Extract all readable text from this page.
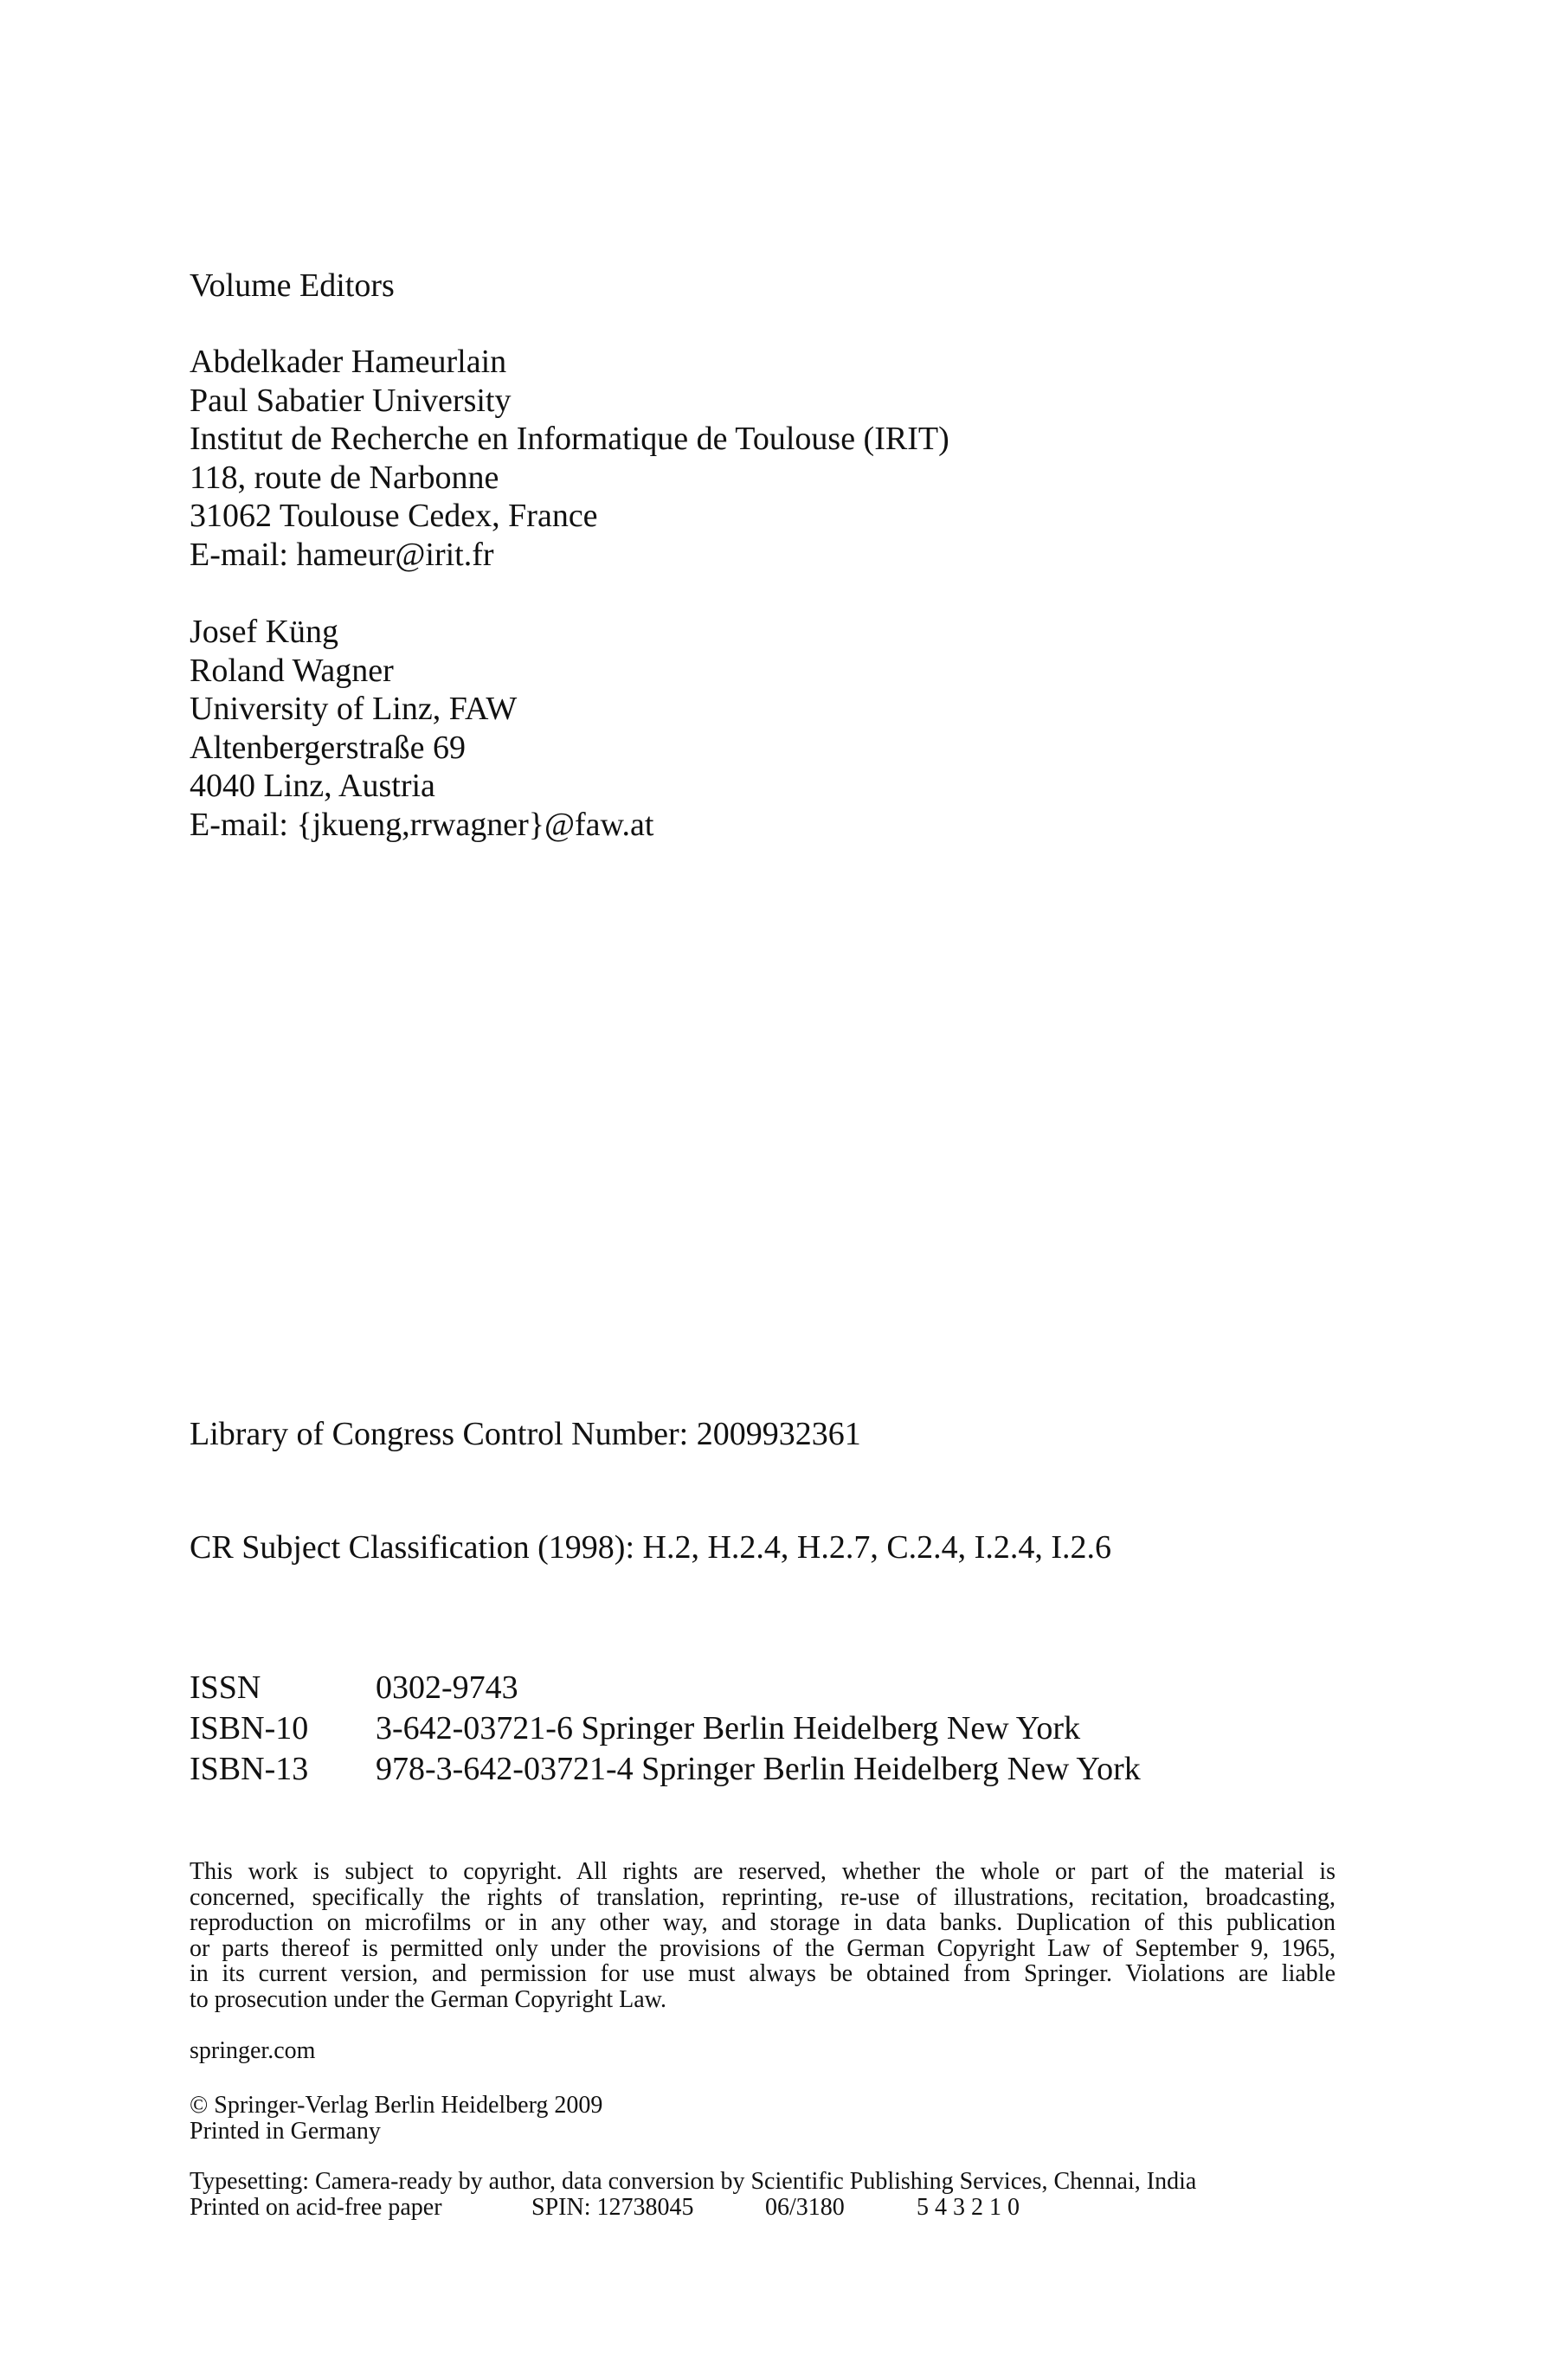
Volume Editors
Abdelkader Hameurlain
Paul Sabatier University
Institut de Recherche en Informatique de Toulouse (IRIT)
118, route de Narbonne
31062 Toulouse Cedex, France
E-mail: hameur@irit.fr
Josef Küng
Roland Wagner
University of Linz, FAW
Altenbergerstraße 69
4040 Linz, Austria
E-mail: {jkueng,rrwagner}@faw.at
Library of Congress Control Number: 2009932361
CR Subject Classification (1998): H.2, H.2.4, H.2.7, C.2.4, I.2.4, I.2.6
ISSN	0302-9743
ISBN-10	3-642-03721-6 Springer Berlin Heidelberg New York
ISBN-13	978-3-642-03721-4 Springer Berlin Heidelberg New York
This work is subject to copyright. All rights are reserved, whether the whole or part of the material is
concerned, specifically the rights of translation, reprinting, re-use of illustrations, recitation, broadcasting,
reproduction on microfilms or in any other way, and storage in data banks. Duplication of this publication
or parts thereof is permitted only under the provisions of the German Copyright Law of September 9, 1965,
in its current version, and permission for use must always be obtained from Springer. Violations are liable
to prosecution under the German Copyright Law.
springer.com
© Springer-Verlag Berlin Heidelberg 2009
Printed in Germany
Typesetting: Camera-ready by author, data conversion by Scientific Publishing Services, Chennai, India
Printed on acid-free paper	SPIN: 12738045	06/3180	5 4 3 2 1 0
